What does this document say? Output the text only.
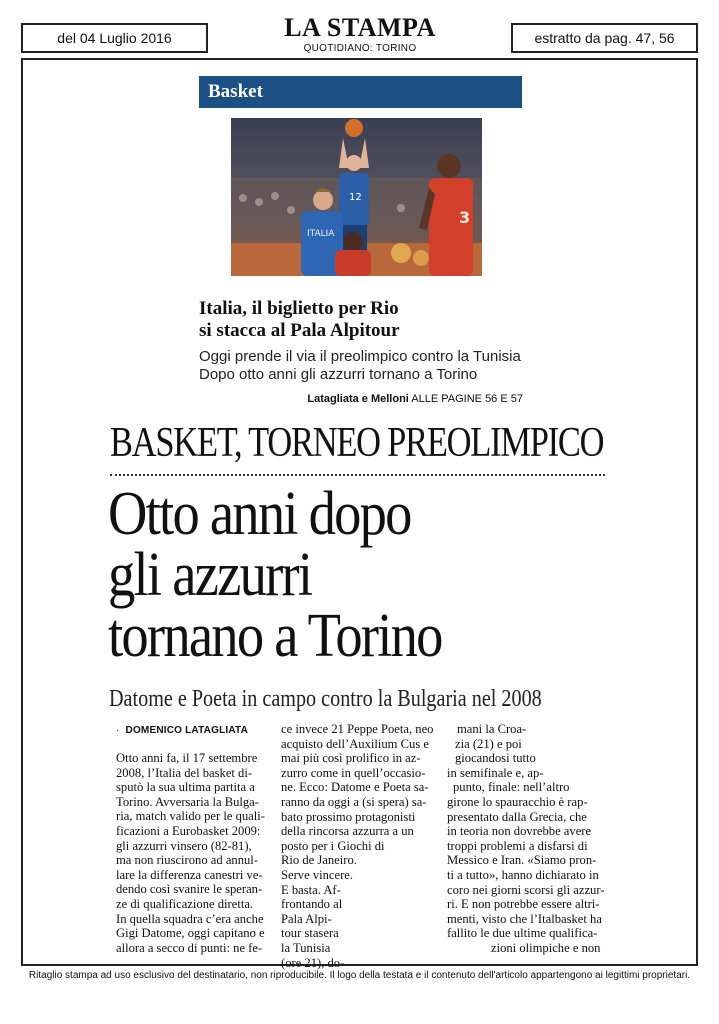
del 04 Luglio 2016	LA STAMPA
QUOTIDIANO: TORINO
estratto da pag. 47, 56
Basket
12
ITALIA
3
Italia, il biglietto per Rio
si stacca al Pala Alpitour
Oggi prende il via il preolimpico contro la Tunisia
Dopo otto anni gli azzurri tornano a Torino
Latagliata e Melloni ALLE PAGINE 56 E 57
BASKET, TORNEO PREOLIMPICO
Otto anni dopo
gli azzurri
tornano a Torino
Datome e Poeta in campo contro la Bulgaria nel 2008
· DOMENICO LATAGLIATA
Otto anni fa, il 17 settembre
2008, l’Italia del basket di-
sputò la sua ultima partita a
Torino. Avversaria la Bulga-
ria, match valido per le quali-
ficazioni a Eurobasket 2009:
gli azzurri vinsero (82-81),
ma non riuscirono ad annul-
lare la differenza canestri ve-
dendo così svanire le speran-
ze di qualificazione diretta.
In quella squadra c’era anche
Gigi Datome, oggi capitano e
allora a secco di punti: ne fe-
ce invece 21 Peppe Poeta, neo
acquisto dell’Auxilium Cus e
mai più così prolifico in az-
zurro come in quell’occasio-
ne. Ecco: Datome e Poeta sa-
ranno da oggi a (si spera) sa-
bato prossimo protagonisti
della rincorsa azzurra a un
posto per i Giochi di
Rio de Janeiro.
Serve vincere.
E basta. Af-
frontando al
Pala Alpi-
tour stasera
la Tunisia
(ore 21), do-
mani la Croa-
zia (21) e poi
giocandosi tutto
in semifinale e, ap-
punto, finale: nell’altro
girone lo spauracchio è rap-
presentato dalla Grecia, che
in teoria non dovrebbe avere
troppi problemi a disfarsi di
Messico e Iran. «Siamo pron-
ti a tutto», hanno dichiarato in
coro nei giorni scorsi gli azzur-
ri. E non potrebbe essere altri-
menti, visto che l’Italbasket ha
fallito le due ultime qualifica-
zioni olimpiche e non
Ritaglio stampa ad uso esclusivo del destinatario, non riproducibile. Il logo della testata e il contenuto dell'articolo appartengono ai legittimi proprietari.
